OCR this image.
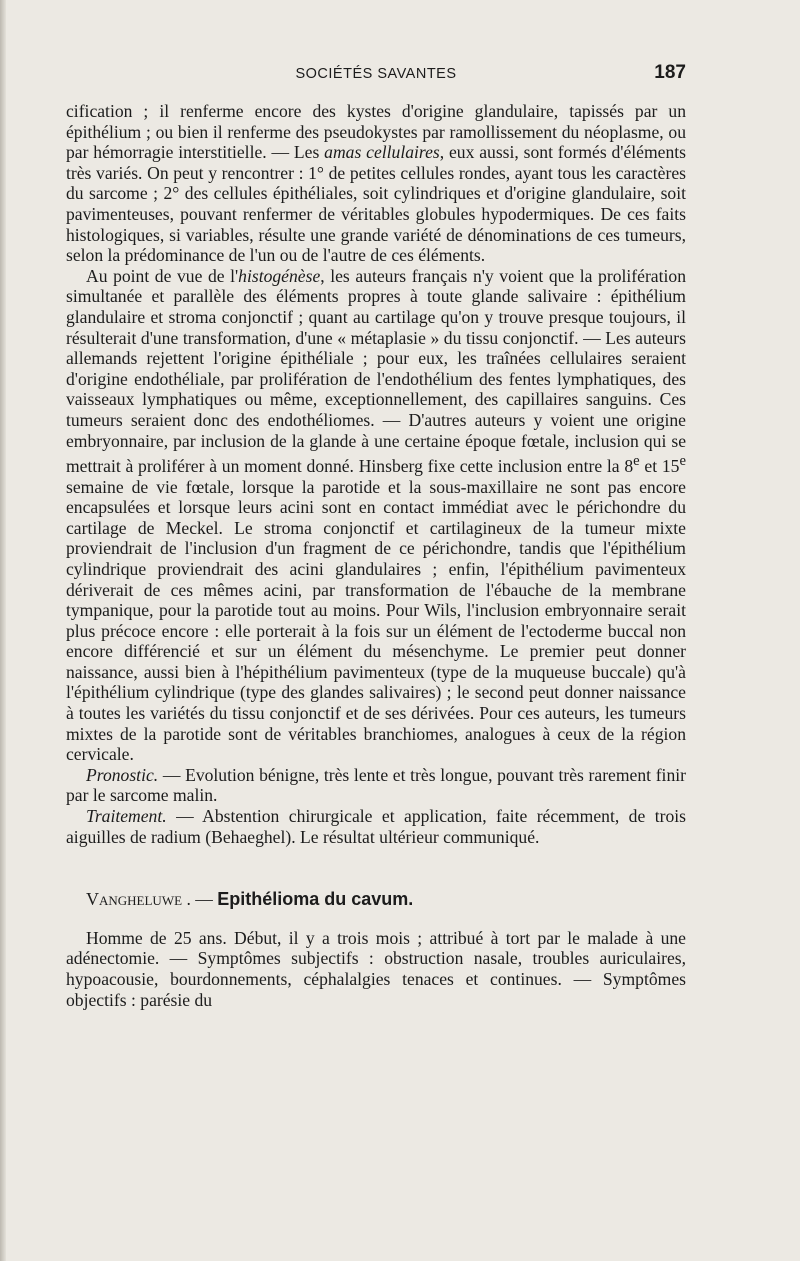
SOCIÉTÉS SAVANTES	187

cification ; il renferme encore des kystes d'origine glandulaire, tapissés par un épithélium ; ou bien il renferme des pseudokystes par ramollissement du néoplasme, ou par hémorragie interstitielle. — Les amas cellulaires, eux aussi, sont formés d'éléments très variés. On peut y rencontrer : 1° de petites cellules rondes, ayant tous les caractères du sarcome ; 2° des cellules épithéliales, soit cylindriques et d'origine glandulaire, soit pavimenteuses, pouvant renfermer de véritables globules hypodermiques. De ces faits histologiques, si variables, résulte une grande variété de dénominations de ces tumeurs, selon la prédominance de l'un ou de l'autre de ces éléments.

Au point de vue de l'histogénèse, les auteurs français n'y voient que la prolifération simultanée et parallèle des éléments propres à toute glande salivaire : épithélium glandulaire et stroma conjonctif ; quant au cartilage qu'on y trouve presque toujours, il résulterait d'une transformation, d'une « métaplasie » du tissu conjonctif. — Les auteurs allemands rejettent l'origine épithéliale ; pour eux, les traînées cellulaires seraient d'origine endothéliale, par prolifération de l'endothélium des fentes lymphatiques, des vaisseaux lymphatiques ou même, exceptionnellement, des capillaires sanguins. Ces tumeurs seraient donc des endothéliomes. — D'autres auteurs y voient une origine embryonnaire, par inclusion de la glande à une certaine époque fœtale, inclusion qui se mettrait à proliférer à un moment donné. Hinsberg fixe cette inclusion entre la 8e et 15e semaine de vie fœtale, lorsque la parotide et la sous-maxillaire ne sont pas encore encapsulées et lorsque leurs acini sont en contact immédiat avec le périchondre du cartilage de Meckel. Le stroma conjonctif et cartilagineux de la tumeur mixte proviendrait de l'inclusion d'un fragment de ce périchondre, tandis que l'épithélium cylindrique proviendrait des acini glandulaires ; enfin, l'épithélium pavimenteux dériverait de ces mêmes acini, par transformation de l'ébauche de la membrane tympanique, pour la parotide tout au moins. Pour Wils, l'inclusion embryonnaire serait plus précoce encore : elle porterait à la fois sur un élément de l'ectoderme buccal non encore différencié et sur un élément du mésenchyme. Le premier peut donner naissance, aussi bien à l'hépithélium pavimenteux (type de la muqueuse buccale) qu'à l'épithélium cylindrique (type des glandes salivaires) ; le second peut donner naissance à toutes les variétés du tissu conjonctif et de ses dérivées. Pour ces auteurs, les tumeurs mixtes de la parotide sont de véritables branchiomes, analogues à ceux de la région cervicale.

Pronostic. — Evolution bénigne, très lente et très longue, pouvant très rarement finir par le sarcome malin.

Traitement. — Abstention chirurgicale et application, faite récemment, de trois aiguilles de radium (Behaeghel). Le résultat ultérieur communiqué.

Vangheluwe . — Epithélioma du cavum.

Homme de 25 ans. Début, il y a trois mois ; attribué à tort par le malade à une adénectomie. — Symptômes subjectifs : obstruction nasale, troubles auriculaires, hypoacousie, bourdonnements, céphalalgies tenaces et continues. — Symptômes objectifs : parésie du
